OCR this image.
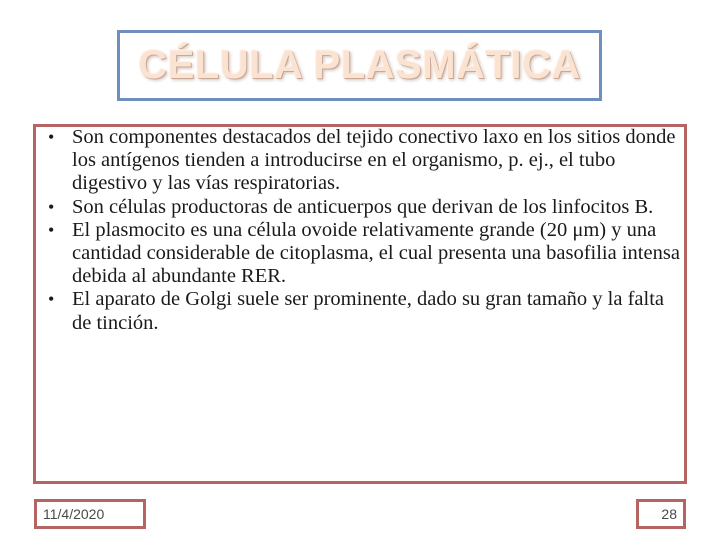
CÉLULA PLASMÁTICA
• Son componentes destacados del tejido conectivo laxo en los sitios donde los antígenos tienden a introducirse en el organismo, p. ej., el tubo digestivo y las vías respiratorias.
• Son células productoras de anticuerpos que derivan de los linfocitos B.
• El plasmocito es una célula ovoide relativamente grande (20 μm) y una cantidad considerable de citoplasma, el cual presenta una basofilia intensa debida al abundante RER.
• El aparato de Golgi suele ser prominente, dado su gran tamaño y la falta de tinción.
11/4/2020	28
